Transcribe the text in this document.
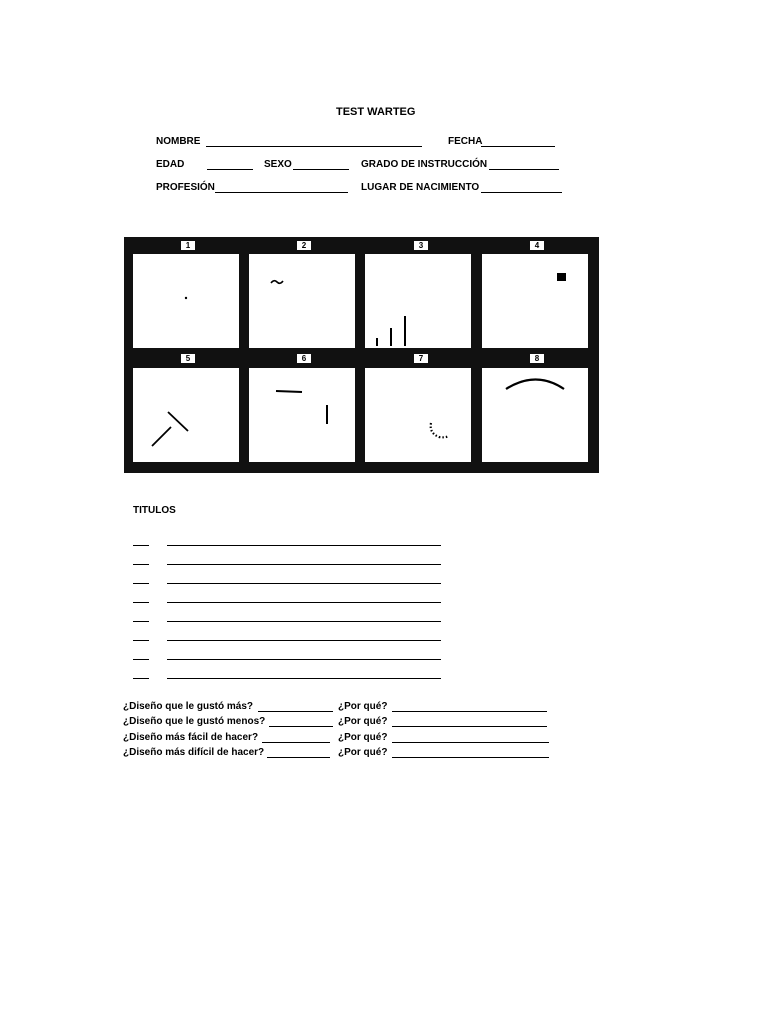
TEST WARTEG
NOMBRE	FECHA
EDAD	SEXO	GRADO DE INSTRUCCIÓN
PROFESIÓN	LUGAR DE NACIMIENTO
1	2	3	4
5	6	7	8
TITULOS
¿Diseño que le gustó más?	¿Por qué?
¿Diseño que le gustó menos?	¿Por qué?
¿Diseño más fácil de hacer?	¿Por qué?
¿Diseño más difícil de hacer?	¿Por qué?
